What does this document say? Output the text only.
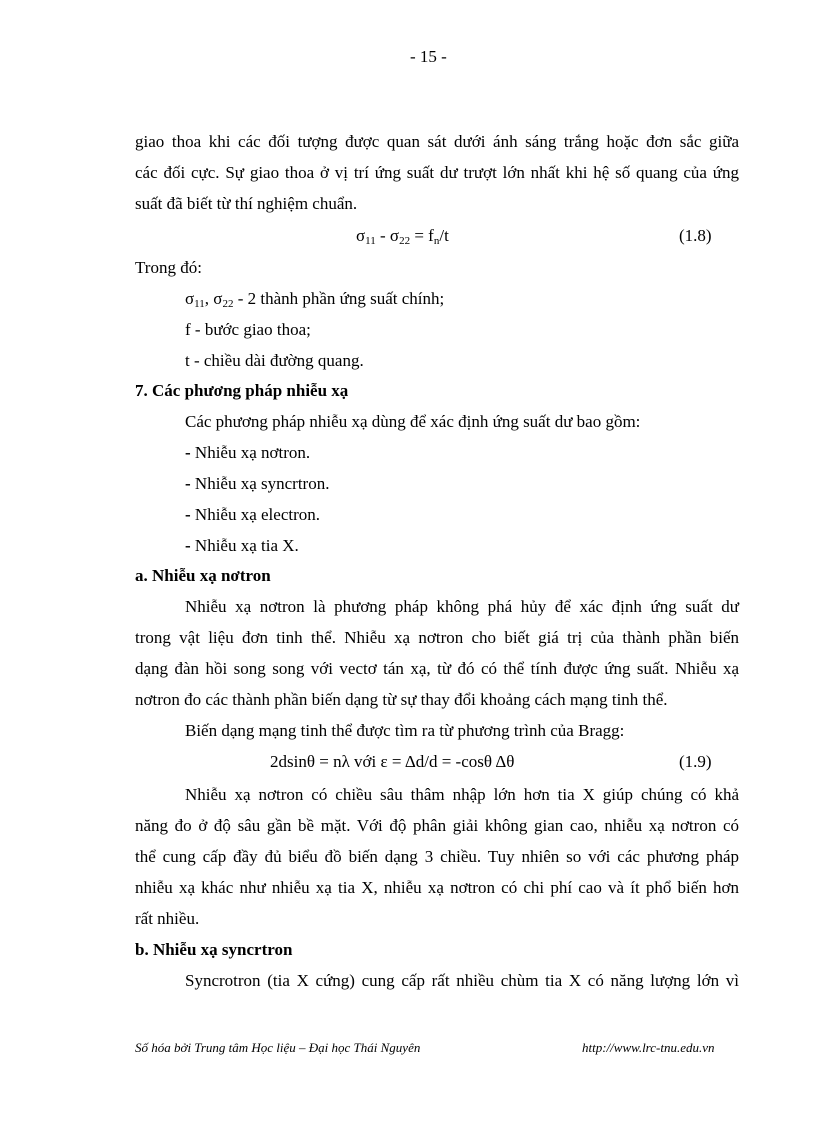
- 15 -
giao thoa khi các đối tượng được quan sát dưới ánh sáng trắng hoặc đơn sắc giữa
các đối cực. Sự giao thoa ở vị trí ứng suất dư trượt lớn nhất khi hệ số quang của ứng
suất đã biết từ thí nghiệm chuẩn.
$\sigma_{11} - \sigma_{22} = f_n/t$	(1.8)
Trong đó:
$\sigma_{11}$, $\sigma_{22} - 2$ thành phần ứng suất chính;
f - bước giao thoa;
t - chiều dài đường quang.
7. Các phương pháp nhiễu xạ
Các phương pháp nhiễu xạ dùng để xác định ứng suất dư bao gồm:
- Nhiễu xạ nơtron.
- Nhiễu xạ syncrtron.
- Nhiễu xạ electron.
- Nhiễu xạ tia X.
a. Nhiễu xạ nơtron
Nhiễu xạ nơtron là phương pháp không phá hủy để xác định ứng suất dư
trong vật liệu đơn tinh thể. Nhiễu xạ nơtron cho biết giá trị của thành phần biến
dạng đàn hồi song song với vectơ tán xạ, từ đó có thể tính được ứng suất. Nhiễu xạ
nơtron đo các thành phần biến dạng từ sự thay đổi khoảng cách mạng tinh thể.
Biến dạng mạng tinh thể được tìm ra từ phương trình của Bragg:
2dsinθ = nλ với ε = Δd/d = -cosθ Δθ	(1.9)
Nhiễu xạ nơtron có chiều sâu thâm nhập lớn hơn tia X giúp chúng có khả
năng đo ở độ sâu gần bề mặt. Với độ phân giải không gian cao, nhiễu xạ nơtron có
thể cung cấp đầy đủ biểu đồ biến dạng 3 chiều. Tuy nhiên so với các phương pháp
nhiễu xạ khác như nhiễu xạ tia X, nhiễu xạ nơtron có chi phí cao và ít phổ biến hơn
rất nhiều.
b. Nhiễu xạ syncrtron
Syncrotron (tia X cứng) cung cấp rất nhiều chùm tia X có năng lượng lớn vì
Số hóa bởi Trung tâm Học liệu – Đại học Thái Nguyên	http://www.lrc-tnu.edu.vn
